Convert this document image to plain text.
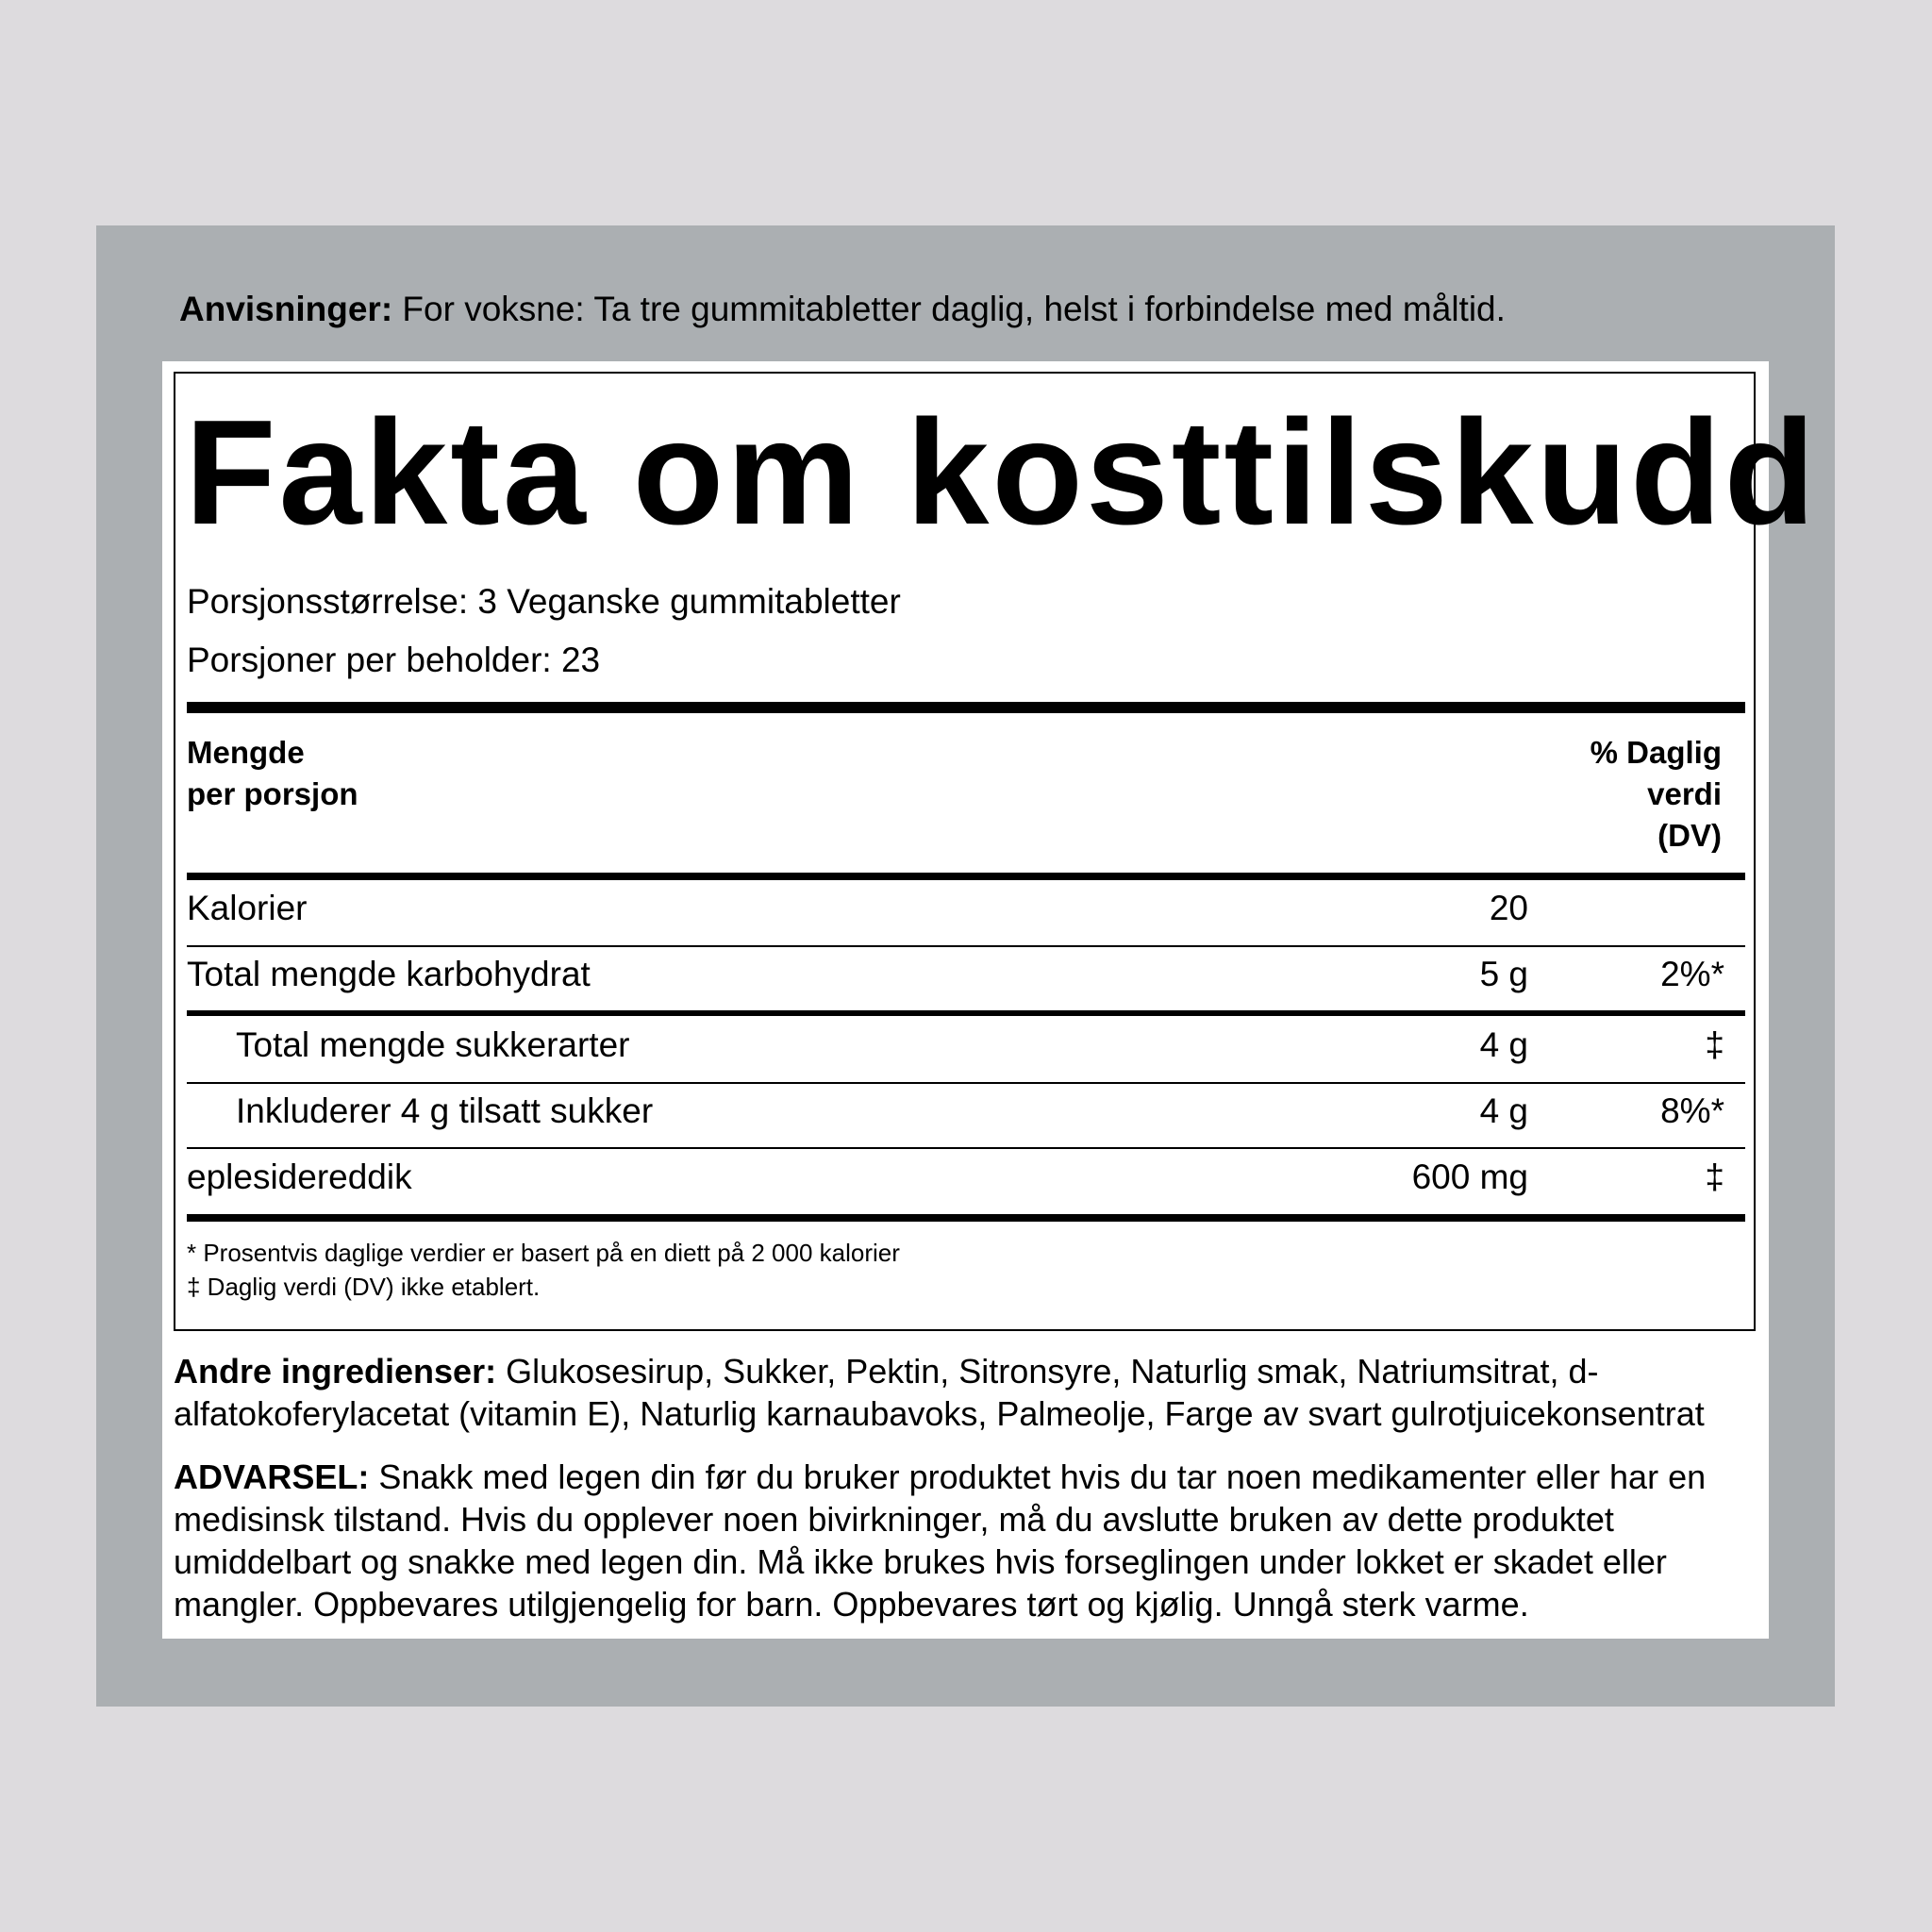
Anvisninger: For voksne: Ta tre gummitabletter daglig, helst i forbindelse med måltid.
Fakta om kosttilskudd
Porsjonsstørrelse: 3 Veganske gummitabletter
Porsjoner per beholder: 23
Mengde
per porsjon
% Daglig
verdi
(DV)
Kalorier	20
Total mengde karbohydrat	5 g	2%*
Total mengde sukkerarter	4 g	‡
Inkluderer 4 g tilsatt sukker	4 g	8%*
eplesidereddik	600 mg	‡
* Prosentvis daglige verdier er basert på en diett på 2 000 kalorier
‡ Daglig verdi (DV) ikke etablert.
Andre ingredienser: Glukosesirup, Sukker, Pektin, Sitronsyre, Naturlig smak, Natriumsitrat, d-alfatokoferylacetat (vitamin E), Naturlig karnaubavoks, Palmeolje, Farge av svart gulrotjuicekonsentrat
ADVARSEL: Snakk med legen din før du bruker produktet hvis du tar noen medikamenter eller har en medisinsk tilstand. Hvis du opplever noen bivirkninger, må du avslutte bruken av dette produktet umiddelbart og snakke med legen din. Må ikke brukes hvis forseglingen under lokket er skadet eller mangler. Oppbevares utilgjengelig for barn. Oppbevares tørt og kjølig. Unngå sterk varme.
